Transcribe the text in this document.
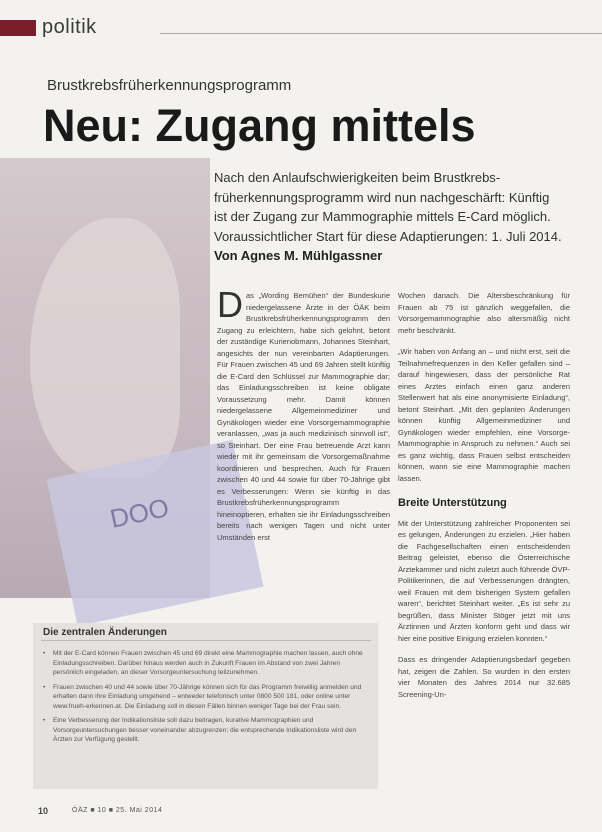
politik
Brustkrebsfrüherkennungsprogramm
Neu: Zugang mittels
DOO
Nach den Anlaufschwierigkeiten beim Brustkrebsfrüherkennungsprogramm wird nun nachgeschärft: Künftig ist der Zugang zur Mammographie mittels E-Card möglich. Voraussichtlicher Start für diese Adaptierungen: 1. Juli 2014. Von Agnes M. Mühlgassner
D as „Wording Bemühen“ der Bundeskurie niedergelassene Ärzte in der ÖÄK beim Brustkrebsfrüherkennungsprogramm den Zugang zu erleichtern, habe sich gelohnt, betont der zuständige Kurienobmann, Johannes Steinhart, angesichts der nun vereinbarten Adaptierungen. Für Frauen zwischen 45 und 69 Jahren stellt künftig die E-Card den Schlüssel zur Mammographie dar; das Einladungsschreiben ist keine obligate Voraussetzung mehr. Damit können niedergelassene Allgemeinmediziner und Gynäkologen wieder eine Vorsorgemammographie veranlassen, „was ja auch medizinisch sinnvoll ist“, so Steinhart. Der eine Frau betreuende Arzt kann wieder mit ihr gemeinsam die Vorsorgemaßnahme koordinieren und besprechen. Auch für Frauen zwischen 40 und 44 sowie für über 70-Jährige gibt es Verbesserungen: Wenn sie künftig in das Brustkrebsfrüherkennungsprogramm hineinoptieren, erhalten sie ihr Einladungsschreiben bereits nach wenigen Tagen und nicht unter Umständen erst

Wochen danach. Die Altersbeschränkung für Frauen ab 75 ist gänzlich weggefallen, die Vorsorgemammographie also altersmäßig nicht mehr beschränkt.

„Wir haben von Anfang an – und nicht erst, seit die Teilnahmefrequenzen in den Keller gefallen sind – darauf hingewiesen, dass der persönliche Rat eines Arztes einfach einen ganz anderen Stellenwert hat als eine anonymisierte Einladung“, betont Steinhart. „Mit den geplanten Änderungen können künftig Allgemeinmediziner und Gynäkologen wieder empfehlen, eine Vorsorge-Mammographie in Anspruch zu nehmen.“ Auch sei es ganz wichtig, dass Frauen selbst entscheiden können, wann sie eine Mammographie machen lassen.

Breite Unterstützung

Mit der Unterstützung zahlreicher Proponenten sei es gelungen, Änderungen zu erzielen. „Hier haben die Fachgesellschaften einen entscheidenden Beitrag geleistet, ebenso die Österreichische Ärztekammer und nicht zuletzt auch führende ÖVP-Politikerinnen, die auf Verbesserungen drängten, weil Frauen mit dem bisherigen System gefallen waren“, berichtet Steinhart weiter. „Es ist sehr zu begrüßen, dass Minister Stöger jetzt mit uns Ärztinnen und Ärzten konform geht und dass wir hier eine positive Einigung erzielen konnten.“

Dass es dringender Adaptierungsbedarf gegeben hat, zeigen die Zahlen. So wurden in den ersten vier Monaten des Jahres 2014 nur 32.685 Screening-Un-

Die zentralen Änderungen
• Mit der E-Card können Frauen zwischen 45 und 69 direkt eine Mammographie machen lassen, auch ohne Einladungsschreiben. Darüber hinaus werden auch in Zukunft Frauen im Abstand von zwei Jahren persönlich eingeladen, an dieser Vorsorgeuntersuchung teilzunehmen.
• Frauen zwischen 40 und 44 sowie über 70-Jährige können sich für das Programm freiwillig anmelden und erhalten dann ihre Einladung umgehend – entweder telefonisch unter 0800 500 181, oder online unter www.frueh-erkennen.at. Die Einladung soll in diesen Fällen binnen weniger Tage bei der Frau sein.
• Eine Verbesserung der Indikationsliste soll dazu beitragen, kurative Mammographien und Vorsorgeuntersuchungen besser voneinander abzugrenzen; die entsprechende Indikationsliste wird den Ärzten zur Verfügung gestellt.
10	ÖÄZ ■ 10 ■ 25. Mai 2014
